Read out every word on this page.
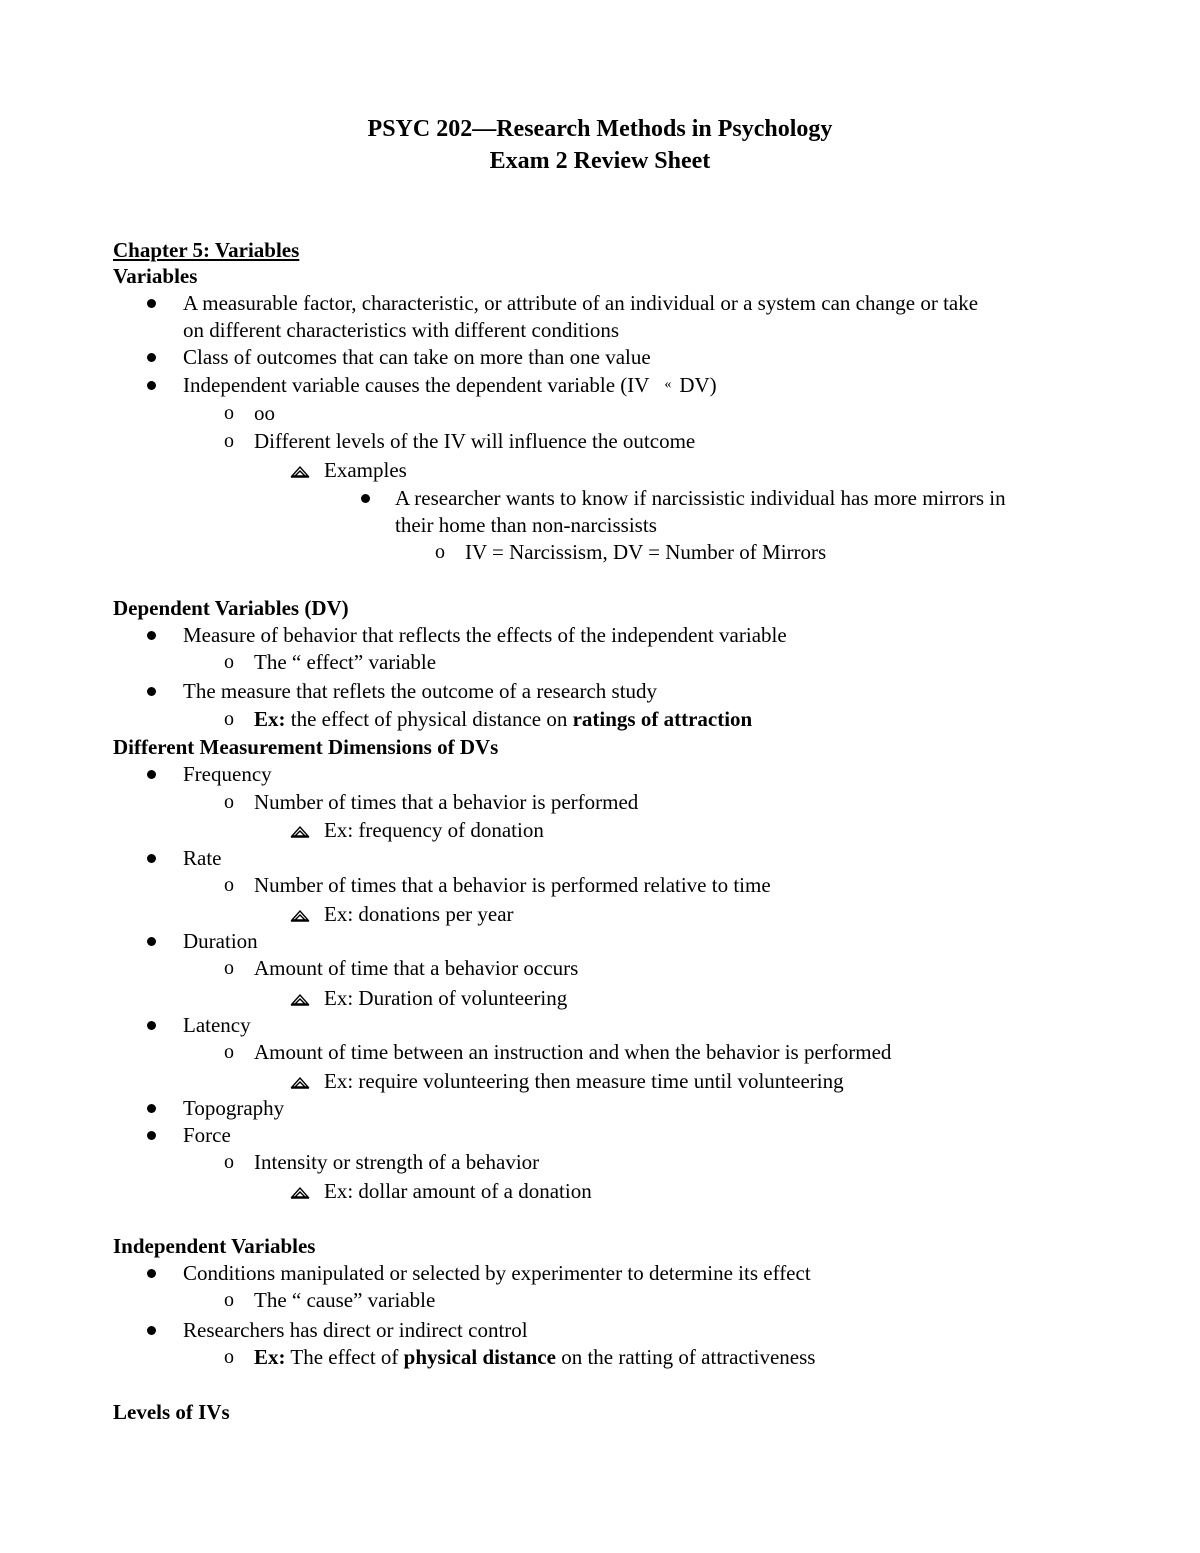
PSYC 202—Research Methods in Psychology
Exam 2 Review Sheet
Chapter 5: Variables
Variables
A measurable factor, characteristic, or attribute of an individual or a system can change or take
on different characteristics with different conditions
Class of outcomes that can take on more than one value
Independent variable causes the dependent variable (IV « DV)
o oo
o Different levels of the IV will influence the outcome
Examples
A researcher wants to know if narcissistic individual has more mirrors in
their home than non-narcissists
o IV = Narcissism, DV = Number of Mirrors
Dependent Variables (DV)
Measure of behavior that reflects the effects of the independent variable
o The “ effect” variable
The measure that reflets the outcome of a research study
o Ex: the effect of physical distance on ratings of attraction
Different Measurement Dimensions of DVs
Frequency
o Number of times that a behavior is performed
Ex: frequency of donation
Rate
o Number of times that a behavior is performed relative to time
Ex: donations per year
Duration
o Amount of time that a behavior occurs
Ex: Duration of volunteering
Latency
o Amount of time between an instruction and when the behavior is performed
Ex: require volunteering then measure time until volunteering
Topography
Force
o Intensity or strength of a behavior
Ex: dollar amount of a donation
Independent Variables
Conditions manipulated or selected by experimenter to determine its effect
o The “ cause” variable
Researchers has direct or indirect control
o Ex: The effect of physical distance on the ratting of attractiveness
Levels of IVs
